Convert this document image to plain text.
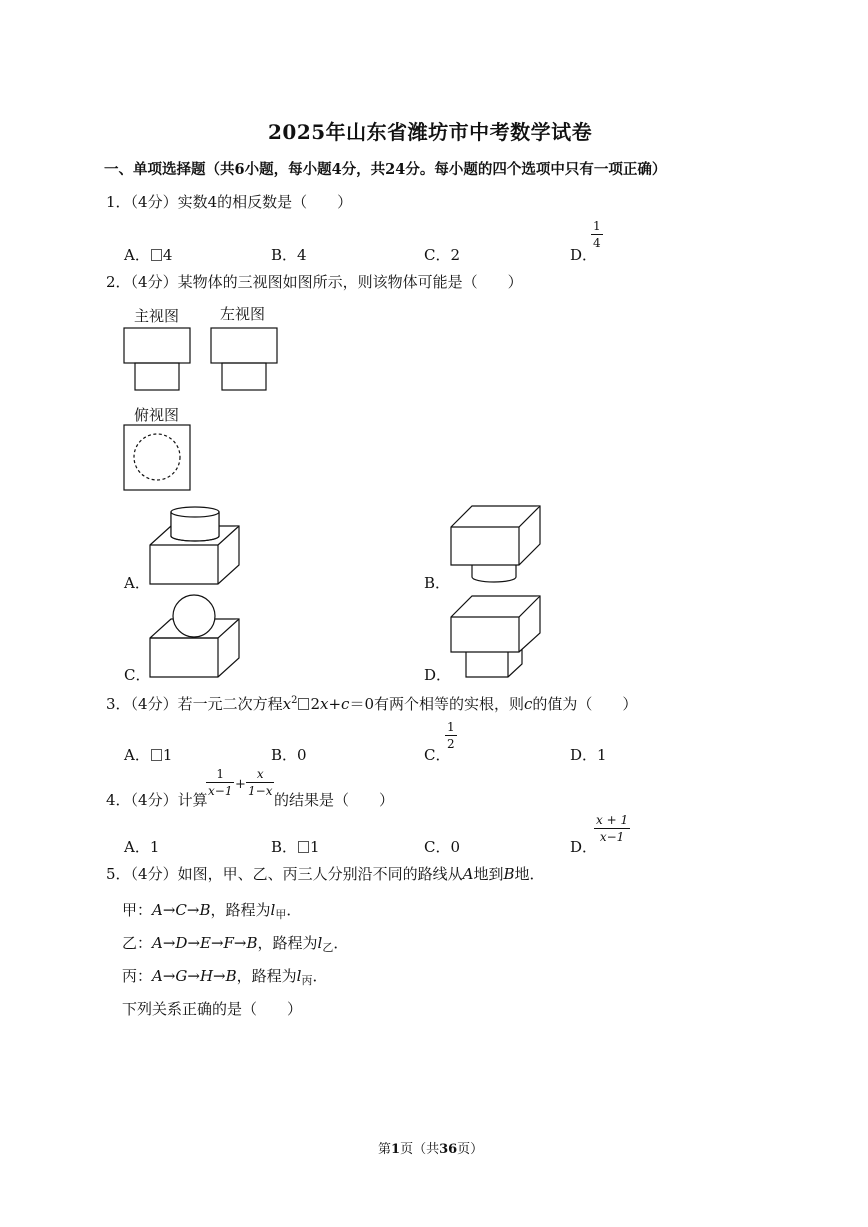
2025年山东省潍坊市中考数学试卷
一、单项选择题（共6小题，每小题4分，共24分。每小题的四个选项中只有一项正确）
1．（4分）实数4的相反数是（　　）
A． 4	B．4	C．2	D．
$\frac{1}{4}$
2．（4分）某物体的三视图如图所示，则该物体可能是（　　）
主视图	左视图
俯视图
A．	B．
C．	D．
3．（4分）若一元二次方程$x^2$ 2x+c＝0有两个相等的实根，则c的值为（　　）
A． 1	B．0	C．
$\frac{1}{2}$
D．1
4．（4分）计算
$\frac{1}{x-1} + \frac{x}{1-x}$
的结果是（　　）
A．1	B． 1	C．0	D．
$\frac{x + 1}{x-1}$
5．（4分）如图，甲、乙、丙三人分别沿不同的路线从A地到B地．
甲：A→C→B，路程为$l_甲$．
乙：A→D→E→F→B，路程为$l_乙$．
丙：A→G→H→B，路程为$l_丙$．
下列关系正确的是（　　）
第1页（共36页）
